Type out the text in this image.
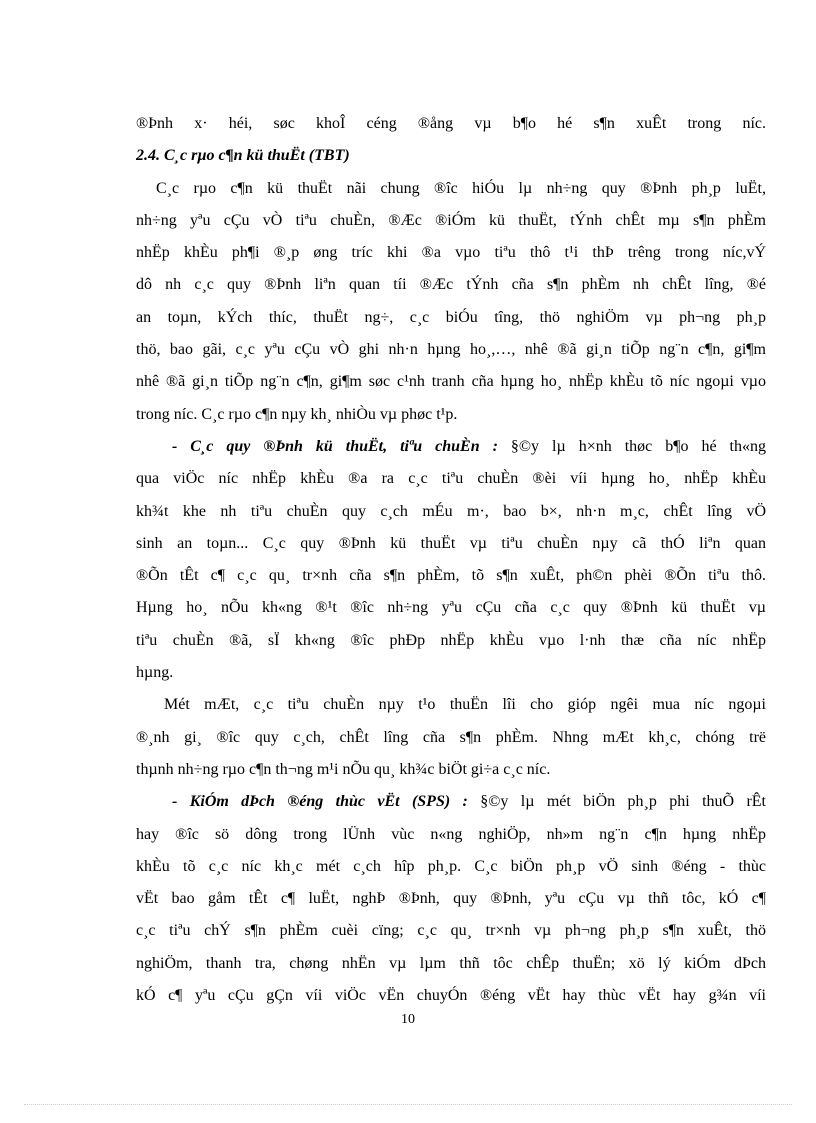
®Þnh x· héi, søc khoÎ céng ®ång vµ b¶o hé s¶n xuÊt trong níc.
2.4. C¸c rµo c¶n kü thuËt (TBT)
C¸c rµo c¶n kü thuËt nãi chung ®îc hiÓu lµ nh÷ng quy ®Þnh ph¸p luËt,
nh÷ng yªu cÇu vÒ tiªu chuÈn, ®Æc ®iÓm kü thuËt, tÝnh chÊt mµ s¶n phÈm
nhËp khÈu ph¶i ®¸p øng tríc khi ®a vµo tiªu thô t¹i thÞ trêng trong níc,vÝ
dô nh c¸c quy ®Þnh liªn quan tíi ®Æc tÝnh cña s¶n phÈm nh chÊt lîng, ®é
an toµn, kÝch thíc, thuËt ng÷, c¸c biÓu tîng, thö nghiÖm vµ ph¬ng ph¸p
thö, bao gãi, c¸c yªu cÇu vÒ ghi nh·n hµng ho¸,…, nhê ®ã gi¸n tiÕp ng¨n c¶n, gi¶m
nhê ®ã gi¸n tiÕp ng¨n c¶n, gi¶m søc c¹nh tranh cña hµng ho¸ nhËp khÈu tõ níc ngoµi vµo
trong níc. C¸c rµo c¶n nµy kh¸ nhiÒu vµ phøc t¹p.
- C¸c quy ®Þnh kü thuËt, tiªu chuÈn : §©y lµ h×nh thøc b¶o hé th«ng
qua viÖc níc nhËp khÈu ®a ra c¸c tiªu chuÈn ®èi víi hµng ho¸ nhËp khÈu
kh¾t khe nh tiªu chuÈn quy c¸ch mÉu m·, bao b×, nh·n m¸c, chÊt lîng vÖ
sinh an toµn... C¸c quy ®Þnh kü thuËt vµ tiªu chuÈn nµy cã thÓ liªn quan
®Õn tÊt c¶ c¸c qu¸ tr×nh cña s¶n phÈm, tõ s¶n xuÊt, ph©n phèi ®Õn tiªu thô.
Hµng ho¸ nÕu kh«ng ®¹t ®îc nh÷ng yªu cÇu cña c¸c quy ®Þnh kü thuËt vµ
tiªu chuÈn ®ã, sÏ kh«ng ®îc phÐp nhËp khÈu vµo l·nh thæ cña níc nhËp
hµng.
Mét mÆt, c¸c tiªu chuÈn nµy t¹o thuËn lîi cho gióp ngêi mua níc ngoµi
®¸nh gi¸ ®îc quy c¸ch, chÊt lîng cña s¶n phÈm. Nhng mÆt kh¸c, chóng trë
thµnh nh÷ng rµo c¶n th¬ng m¹i nÕu qu¸ kh¾c biÖt gi÷a c¸c níc.
- KiÓm dÞch ®éng thùc vËt (SPS) : §©y lµ mét biÖn ph¸p phi thuÕ rÊt
hay ®îc sö dông trong lÜnh vùc n«ng nghiÖp, nh»m ng¨n c¶n hµng nhËp
khÈu tõ c¸c níc kh¸c mét c¸ch hîp ph¸p. C¸c biÖn ph¸p vÖ sinh ®éng - thùc
vËt bao gåm tÊt c¶ luËt, nghÞ ®Þnh, quy ®Þnh, yªu cÇu vµ thñ tôc, kÓ c¶
c¸c tiªu chÝ s¶n phÈm cuèi cïng; c¸c qu¸ tr×nh vµ ph¬ng ph¸p s¶n xuÊt, thö
nghiÖm, thanh tra, chøng nhËn vµ lµm thñ tôc chÊp thuËn; xö lý kiÓm dÞch
kÓ c¶ yªu cÇu gÇn víi viÖc vËn chuyÓn ®éng vËt hay thùc vËt hay g¾n víi
10
